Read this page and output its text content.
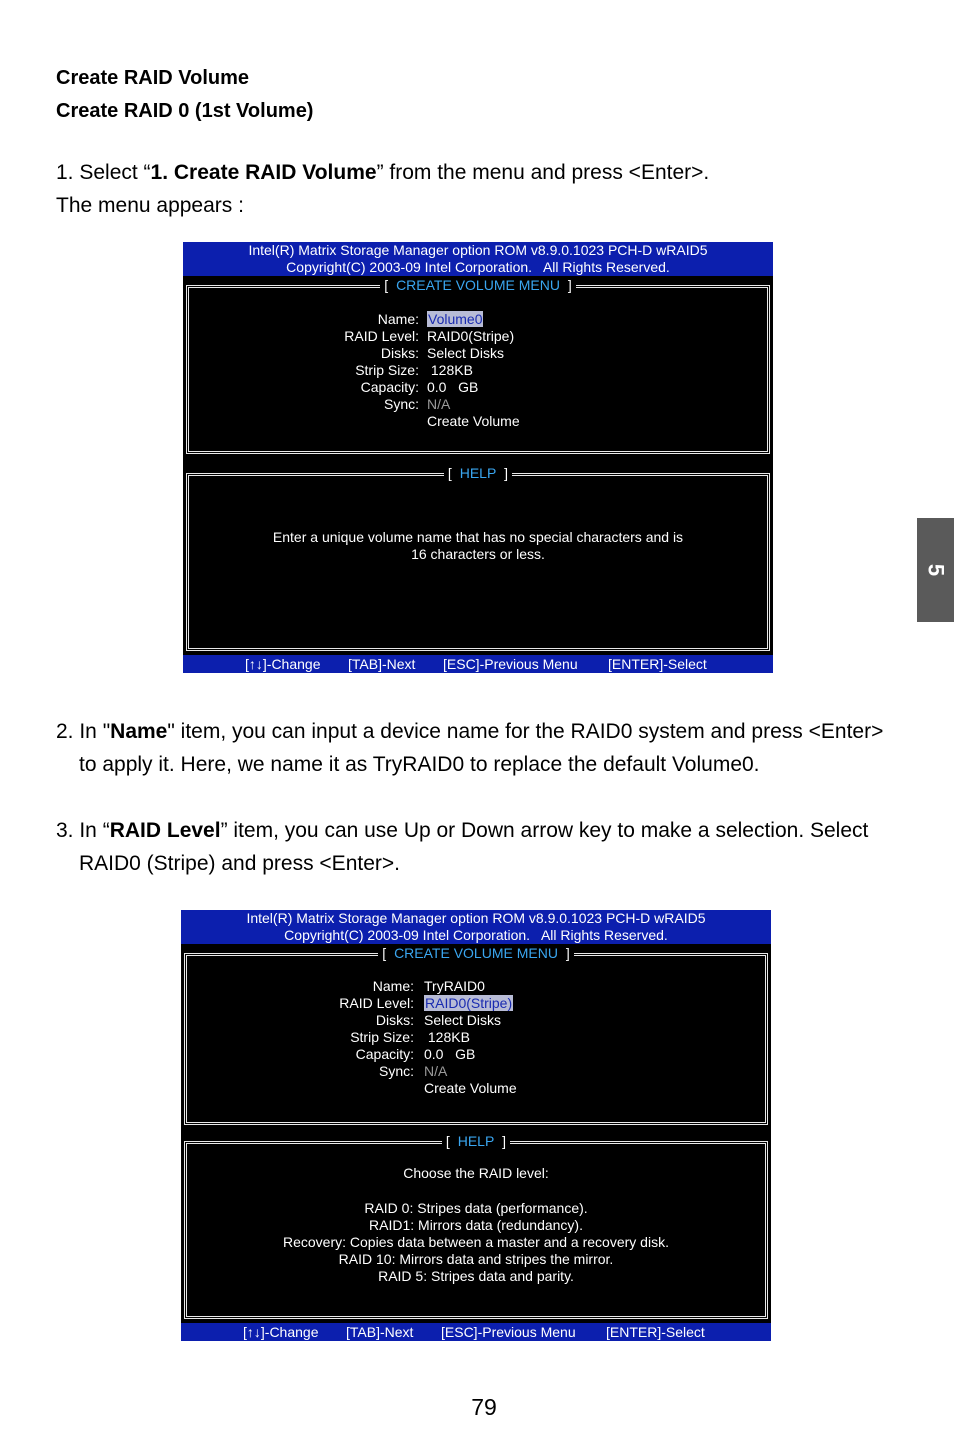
Create RAID Volume
Create RAID 0 (1st Volume)
1. Select “1. Create RAID Volume” from the menu and press <Enter>.
The menu appears :
Intel(R) Matrix Storage Manager option ROM v8.9.0.1023 PCH-D wRAID5
Copyright(C) 2003-09 Intel Corporation.   All Rights Reserved.
[ CREATE VOLUME MENU ]
Name: Volume0
RAID Level: RAID0(Stripe)
Disks: Select Disks
Strip Size: 128KB
Capacity: 0.0   GB
Sync: N/A
Create Volume
[ HELP ]
Enter a unique volume name that has no special characters and is
16 characters or less.

[↑↓]-Change

[TAB]-Next

[ESC]-Previous Menu

[ENTER]-Select

2. In "Name" item, you can input a device name for the RAID0 system and press <Enter>
to apply it. Here, we name it as TryRAID0 to replace the default Volume0.
3. In “RAID Level” item, you can use Up or Down arrow key to make a selection. Select
RAID0 (Stripe) and press <Enter>.
Intel(R) Matrix Storage Manager option ROM v8.9.0.1023 PCH-D wRAID5
Copyright(C) 2003-09 Intel Corporation.   All Rights Reserved.
[ CREATE VOLUME MENU ]
Name: TryRAID0
RAID Level: RAID0(Stripe)
Disks: Select Disks
Strip Size: 128KB
Capacity: 0.0   GB
Sync: N/A
Create Volume
[ HELP ]
Choose the RAID level:
RAID 0: Stripes data (performance).
RAID1: Mirrors data (redundancy).
Recovery: Copies data between a master and a recovery disk.
RAID 10: Mirrors data and stripes the mirror.
RAID 5: Stripes data and parity.

[↑↓]-Change

[TAB]-Next

[ESC]-Previous Menu

[ENTER]-Select

5
79
